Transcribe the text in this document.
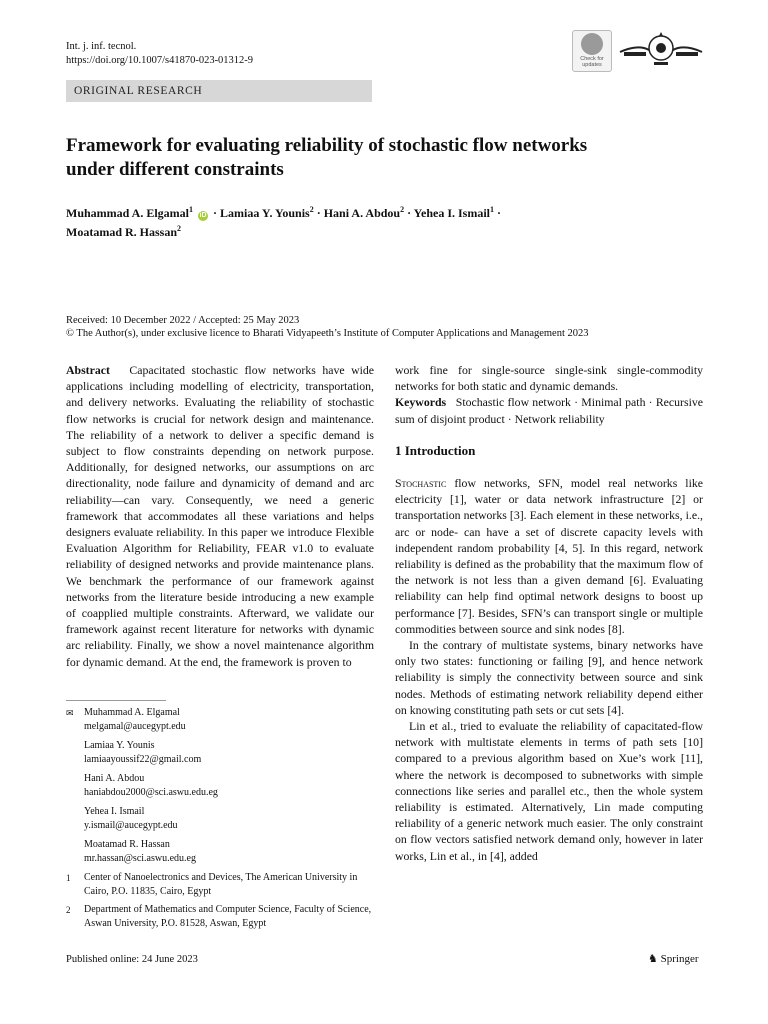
Int. j. inf. tecnol.
https://doi.org/10.1007/s41870-023-01312-9	Check for
updates
ORIGINAL RESEARCH
Framework for evaluating reliability of stochastic flow networks
under different constraints
Muhammad A. Elgamal$^1$ iD · Lamiaa Y. Younis$^2$ · Hani A. Abdou$^2$ · Yehea I. Ismail$^1$ ·
Moatamad R. Hassan$^2$
Received: 10 December 2022 / Accepted: 25 May 2023
© The Author(s), under exclusive licence to Bharati Vidyapeeth’s Institute of Computer Applications and Management 2023

Abstract Capacitated stochastic flow networks have wide applications including modelling of electricity, transportation, and delivery networks. Evaluating the reliability of stochastic flow networks is crucial for network design and maintenance. The reliability of a network to deliver a specific demand is subject to flow constraints depending on network purpose. Additionally, for designed networks, our assumptions on arc directionality, node failure and dynamicity of demand and arc reliability—can vary. Consequently, we need a generic framework that accommodates all these variations and helps designers evaluate reliability. In this paper we introduce Flexible Evaluation Algorithm for Reliability, FEAR v1.0 to evaluate reliability of designed networks and provide maintenance plans. We benchmark the performance of our framework against networks from the literature beside introducing a new example of coapplied multiple constraints. Afterward, we validate our framework against recent literature for networks with dynamic arc reliability. Finally, we show a novel maintenance algorithm for dynamic demand. At the end, the framework is proven to

✉	Muhammad A. Elgamal
melgamal@aucegypt.edu
Lamiaa Y. Younis
lamiaayoussif22@gmail.com
Hani A. Abdou
haniabdou2000@sci.aswu.edu.eg
Yehea I. Ismail
y.ismail@aucegypt.edu
Moatamad R. Hassan
mr.hassan@sci.aswu.edu.eg
1	Center of Nanoelectronics and Devices, The American University in Cairo, P.O. 11835, Cairo, Egypt
2	Department of Mathematics and Computer Science, Faculty of Science, Aswan University, P.O. 81528, Aswan, Egypt

work fine for single-source single-sink single-commodity networks for both static and dynamic demands.

Keywords Stochastic flow network · Minimal path · Recursive sum of disjoint product · Network reliability

1 Introduction

Stochastic flow networks, SFN, model real networks like electricity [1], water or data network infrastructure [2] or transportation networks [3]. Each element in these networks, i.e., arc or node- can have a set of discrete capacity levels with independent random probability [4, 5]. In this regard, network reliability is defined as the probability that the maximum flow of the network is not less than a given demand [6]. Evaluating reliability can help find optimal network designs to boost up performance [7]. Besides, SFN’s can transport single or multiple commodities between source and sink nodes [8].

In the contrary of multistate systems, binary networks have only two states: functioning or failing [9], and hence network reliability is simply the connectivity between source and sink nodes. Methods of estimating network reliability depend either on knowing constituting path sets or cut sets [4].

Lin et al., tried to evaluate the reliability of capacitated-flow network with multistate elements in terms of path sets [10] compared to a previous algorithm based on Xue’s work [11], where the network is decomposed to subnetworks with simple connections like series and parallel etc., then the whole system reliability is estimated. Alternatively, Lin made computing reliability of a generic network much easier. The only constraint on flow vectors satisfied network demand only, however in later works, Lin et al., in [4], added

Published online: 24 June 2023	♞ Springer
